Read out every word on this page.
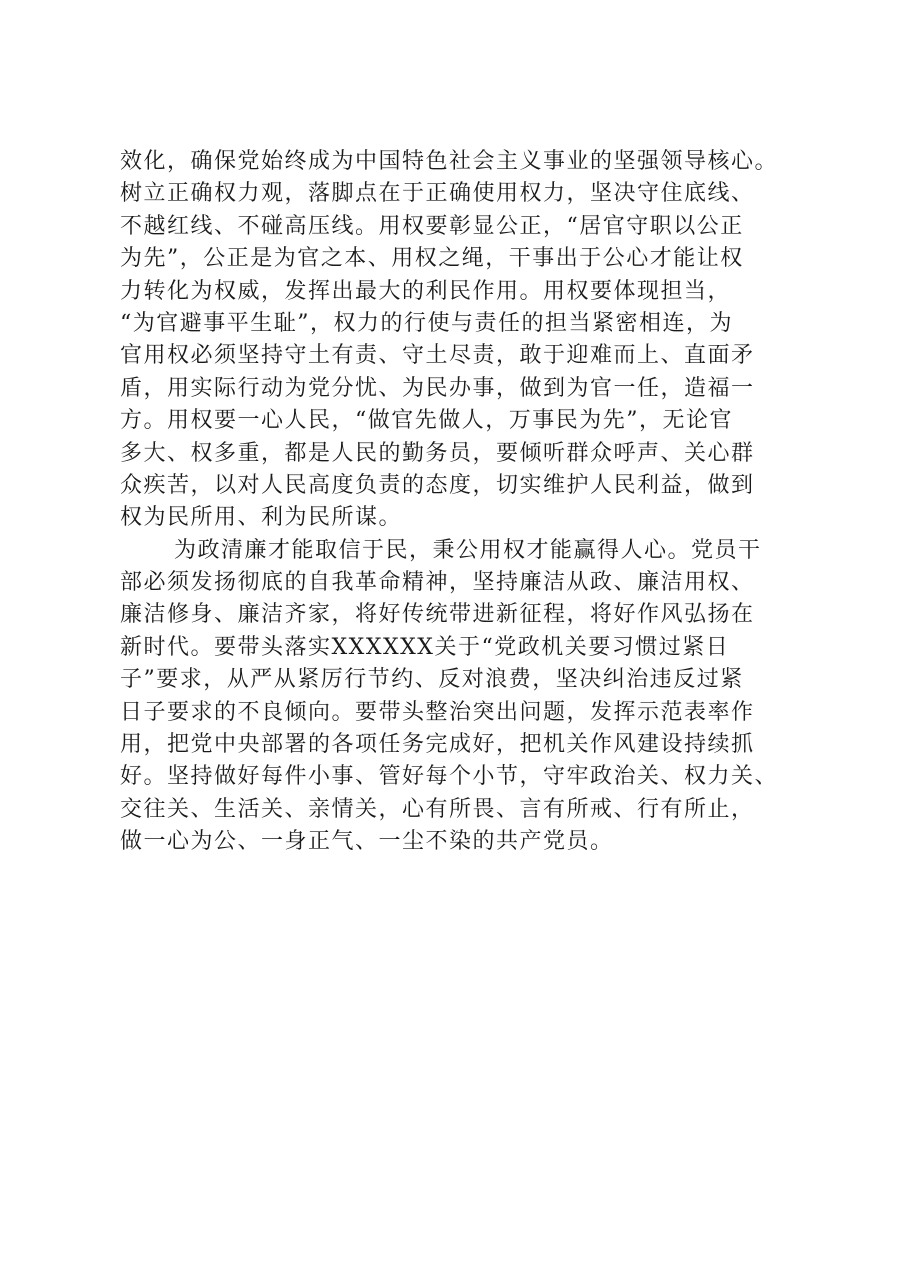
效化，确保党始终成为中国特色社会主义事业的坚强领导核心。
树立正确权力观，落脚点在于正确使用权力，坚决守住底线、
不越红线、不碰高压线。用权要彰显公正，“居官守职以公正
为先”，公正是为官之本、用权之绳，干事出于公心才能让权
力转化为权威，发挥出最大的利民作用。用权要体现担当，
“为官避事平生耻”，权力的行使与责任的担当紧密相连，为
官用权必须坚持守土有责、守土尽责，敢于迎难而上、直面矛
盾，用实际行动为党分忧、为民办事，做到为官一任，造福一
方。用权要一心人民，“做官先做人，万事民为先”，无论官
多大、权多重，都是人民的勤务员，要倾听群众呼声、关心群
众疾苦，以对人民高度负责的态度，切实维护人民利益，做到
权为民所用、利为民所谋。
为政清廉才能取信于民，秉公用权才能赢得人心。党员干
部必须发扬彻底的自我革命精神，坚持廉洁从政、廉洁用权、
廉洁修身、廉洁齐家，将好传统带进新征程，将好作风弘扬在
新时代。要带头落实XXXXXX关于“党政机关要习惯过紧日
子”要求，从严从紧厉行节约、反对浪费，坚决纠治违反过紧
日子要求的不良倾向。要带头整治突出问题，发挥示范表率作
用，把党中央部署的各项任务完成好，把机关作风建设持续抓
好。坚持做好每件小事、管好每个小节，守牢政治关、权力关、
交往关、生活关、亲情关，心有所畏、言有所戒、行有所止，
做一心为公、一身正气、一尘不染的共产党员。
